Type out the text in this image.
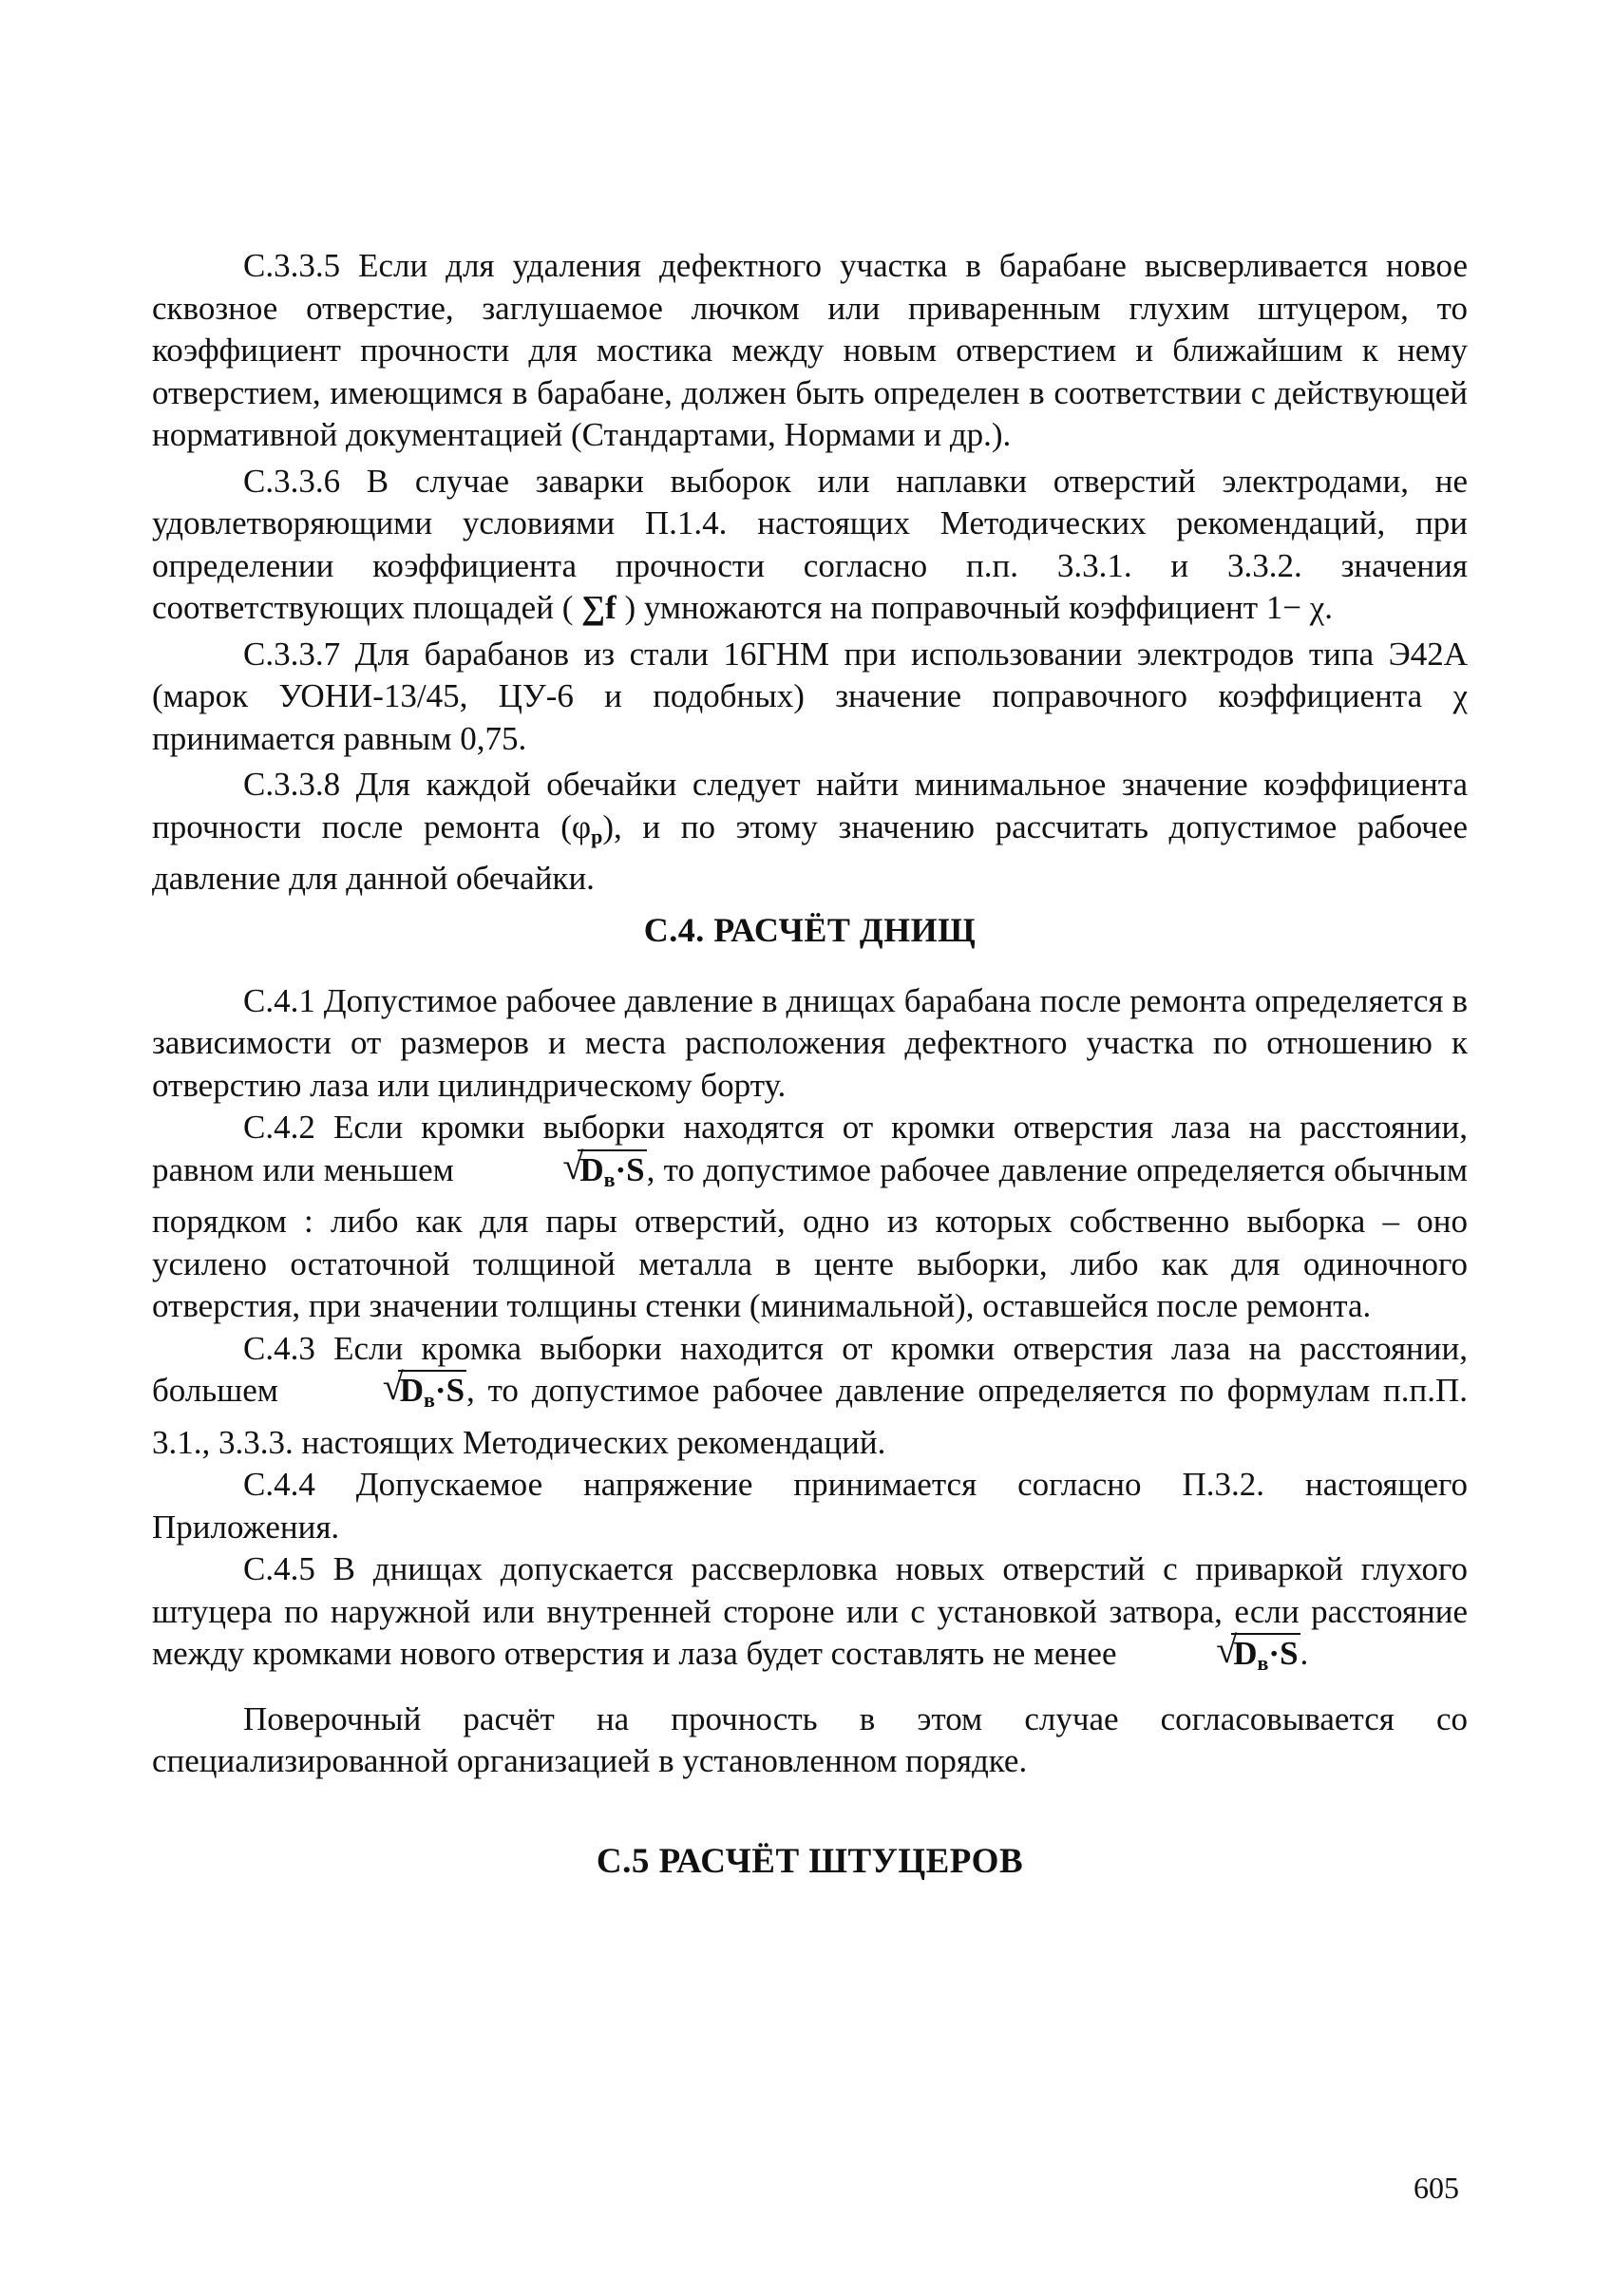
С.3.3.5 Если для удаления дефектного участка в барабане высверливается новое сквозное отверстие, заглушаемое лючком или приваренным глухим штуцером, то коэффициент прочности для мостика между новым отверстием и ближайшим к нему отверстием, имеющимся в барабане, должен быть определен в соответствии с действующей нормативной документацией (Стандартами, Нормами и др.).

С.3.3.6 В случае заварки выборок или наплавки отверстий электродами, не удовлетворяющими условиями П.1.4. настоящих Методических рекомендаций, при определении коэффициента прочности согласно п.п. 3.3.1. и 3.3.2. значения соответствующих площадей ( ∑f ) умножаются на поправочный коэффициент 1− χ.

С.3.3.7 Для барабанов из стали 16ГНМ при использовании электродов типа Э42А (марок УОНИ-13/45, ЦУ-6 и подобных) значение поправочного коэффициента χ принимается равным 0,75.

С.3.3.8 Для каждой обечайки следует найти минимальное значение коэффициента прочности после ремонта $(\varphi_р)$, и по этому значению рассчитать допустимое рабочее давление для данной обечайки.

С.4. РАСЧЁТ ДНИЩ

С.4.1 Допустимое рабочее давление в днищах барабана после ремонта определяется в зависимости от размеров и места расположения дефектного участка по отношению к отверстию лаза или цилиндрическому борту.

С.4.2 Если кромки выборки находятся от кромки отверстия лаза на расстоянии, равном или меньшем	√ $D_в\cdot S$, то допустимое рабочее давление определяется обычным порядком : либо как для пары отверстий, одно из которых собственно выборка – оно усилено остаточной толщиной металла в центе выборки, либо как для одиночного отверстия, при значении толщины стенки (минимальной), оставшейся после ремонта.

С.4.3 Если кромка выборки находится от кромки отверстия лаза на расстоянии, большем	√ $D_в\cdot S$, то допустимое рабочее давление определяется по формулам п.п.П. 3.1., 3.3.3. настоящих Методических рекомендаций.

С.4.4 Допускаемое напряжение принимается согласно П.3.2. настоящего Приложения.

С.4.5 В днищах допускается рассверловка новых отверстий с приваркой глухого штуцера по наружной или внутренней стороне или с установкой затвора, если расстояние между кромками нового отверстия и лаза будет составлять не менее	√ $D_в\cdot S$.

Поверочный расчёт на прочность в этом случае согласовывается со специализированной организацией в установленном порядке.

С.5 РАСЧЁТ ШТУЦЕРОВ
605
